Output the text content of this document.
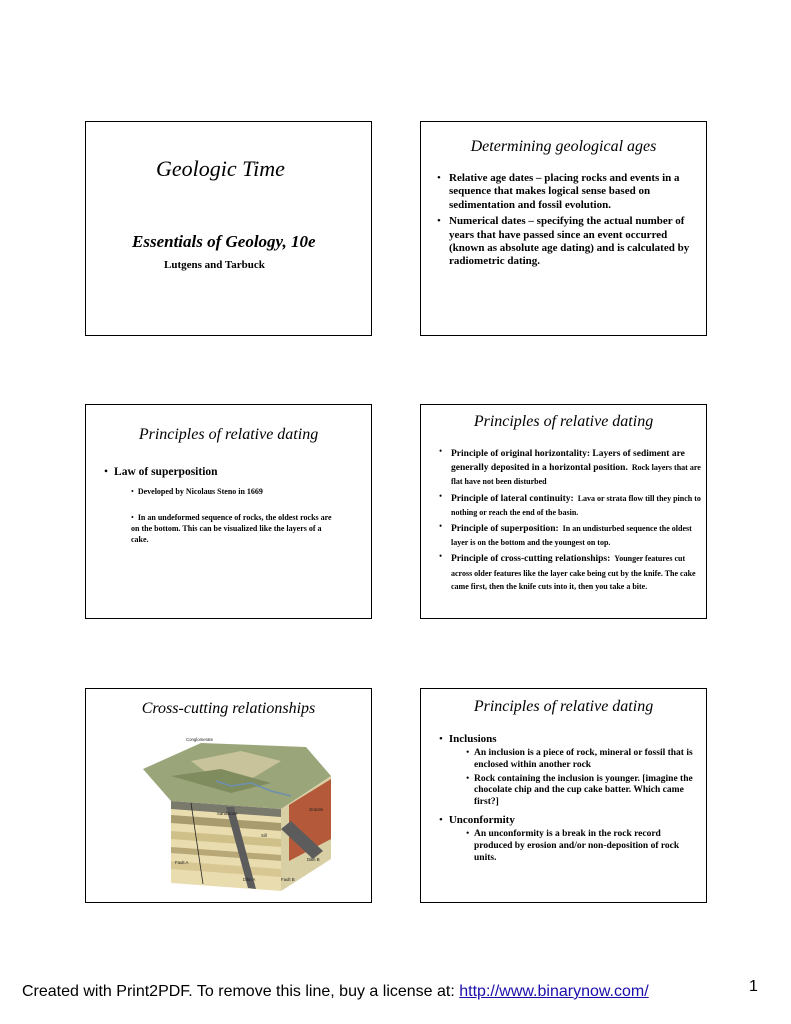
Geologic Time
Essentials of Geology, 10e
Lutgens and Tarbuck
Determining geological ages
• Relative age dates – placing rocks and events in a sequence that makes logical sense based on sedimentation and fossil evolution.
• Numerical dates – specifying the actual number of years that have passed since an event occurred (known as absolute age dating) and is calculated by radiometric dating.
Principles of relative dating
• Law of superposition
• Developed by Nicolaus Steno in 1669
• In an undeformed sequence of rocks, the oldest rocks are on the bottom. This can be visualized like the layers of a cake.
Principles of relative dating
• Principle of original horizontality: Layers of sediment are generally deposited in a horizontal position. Rock layers that are flat have not been disturbed
• Principle of lateral continuity: Lava or strata flow till they pinch to nothing or reach the end of the basin.
• Principle of superposition: In an undisturbed sequence the oldest layer is on the bottom and the youngest on top.
• Principle of cross-cutting relationships: Younger features cut across older features like the layer cake being cut by the knife. The cake came first, then the knife cuts into it, then you take a bite.
Cross-cutting relationships
Conglomerate
Fault A
Dike A
Dike B
Fault B
Sill
Sandstone
Granite
Principles of relative dating
• Inclusions
• An inclusion is a piece of rock, mineral or fossil that is enclosed within another rock
• Rock containing the inclusion is younger. [imagine the chocolate chip and the cup cake batter. Which came first?]
• Unconformity
• An unconformity is a break in the rock record produced by erosion and/or non-deposition of rock units.
Created with Print2PDF. To remove this line, buy a license at: http://www.binarynow.com/	1
